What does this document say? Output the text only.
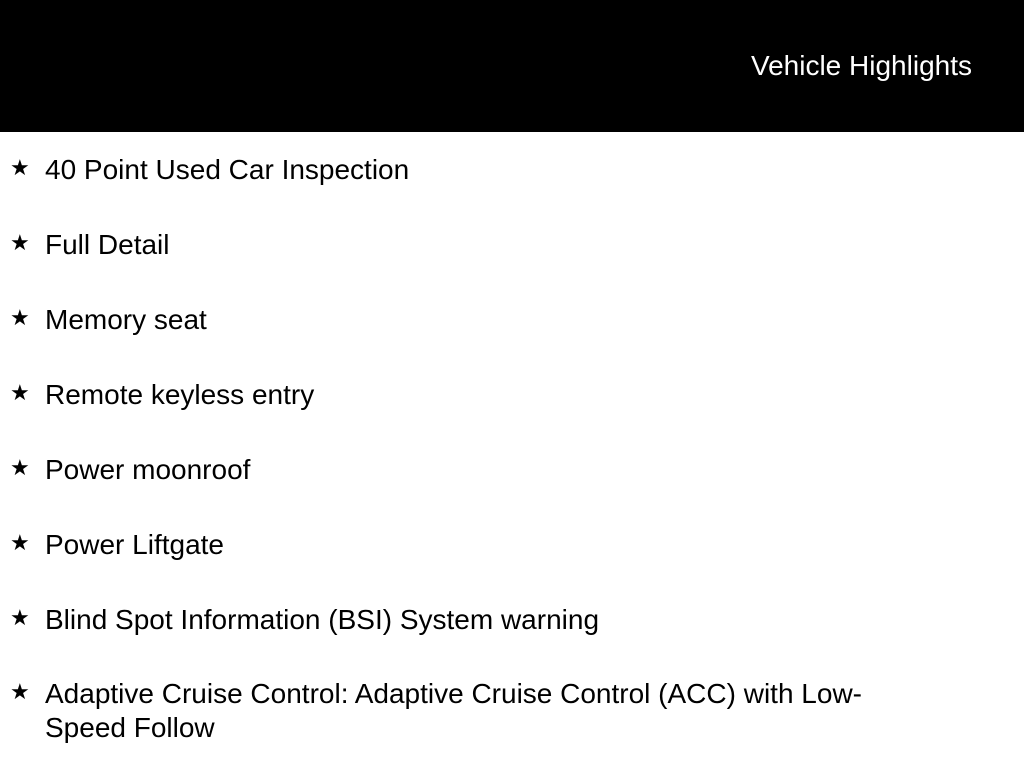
Vehicle Highlights
★ 40 Point Used Car Inspection
★ Full Detail
★ Memory seat
★ Remote keyless entry
★ Power moonroof
★ Power Liftgate
★ Blind Spot Information (BSI) System warning
★ Adaptive Cruise Control: Adaptive Cruise Control (ACC) with Low-Speed Follow
